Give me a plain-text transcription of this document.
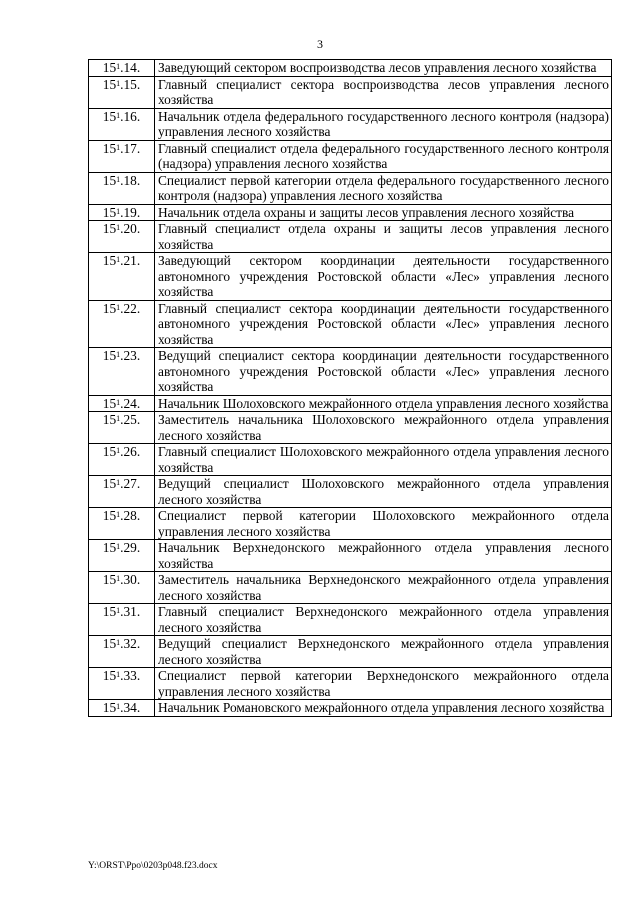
3
$15^1.14$.	Заведующий сектором воспроизводства лесов управления лесного хозяйства
$15^1.15$.	Главный специалист сектора воспроизводства лесов управления лесного хозяйства
$15^1.16$.	Начальник отдела федерального государственного лесного контроля (надзора) управления лесного хозяйства
$15^1.17$.	Главный специалист отдела федерального государственного лесного контроля (надзора) управления лесного хозяйства
$15^1.18$.	Специалист первой категории отдела федерального государственного лесного контроля (надзора) управления лесного хозяйства
$15^1.19$.	Начальник отдела охраны и защиты лесов управления лесного хозяйства
$15^1.20$.	Главный специалист отдела охраны и защиты лесов управления лесного хозяйства
$15^1.21$.	Заведующий сектором координации деятельности государственного автономного учреждения Ростовской области «Лес» управления лесного хозяйства
$15^1.22$.	Главный специалист сектора координации деятельности государственного автономного учреждения Ростовской области «Лес» управления лесного хозяйства
$15^1.23$.	Ведущий специалист сектора координации деятельности государственного автономного учреждения Ростовской области «Лес» управления лесного хозяйства
$15^1.24$.	Начальник Шолоховского межрайонного отдела управления лесного хозяйства
$15^1.25$.	Заместитель начальника Шолоховского межрайонного отдела управления лесного хозяйства
$15^1.26$.	Главный специалист Шолоховского межрайонного отдела управления лесного хозяйства
$15^1.27$.	Ведущий специалист Шолоховского межрайонного отдела управления лесного хозяйства
$15^1.28$.	Специалист первой категории Шолоховского межрайонного отдела управления лесного хозяйства
$15^1.29$.	Начальник Верхнедонского межрайонного отдела управления лесного хозяйства
$15^1.30$.	Заместитель начальника Верхнедонского межрайонного отдела управления лесного хозяйства
$15^1.31$.	Главный специалист Верхнедонского межрайонного отдела управления лесного хозяйства
$15^1.32$.	Ведущий специалист Верхнедонского межрайонного отдела управления лесного хозяйства
$15^1.33$.	Специалист первой категории Верхнедонского межрайонного отдела управления лесного хозяйства
$15^1.34$.	Начальник Романовского межрайонного отдела управления лесного хозяйства
Y:\ORST\Ppo\0203p048.f23.docx
